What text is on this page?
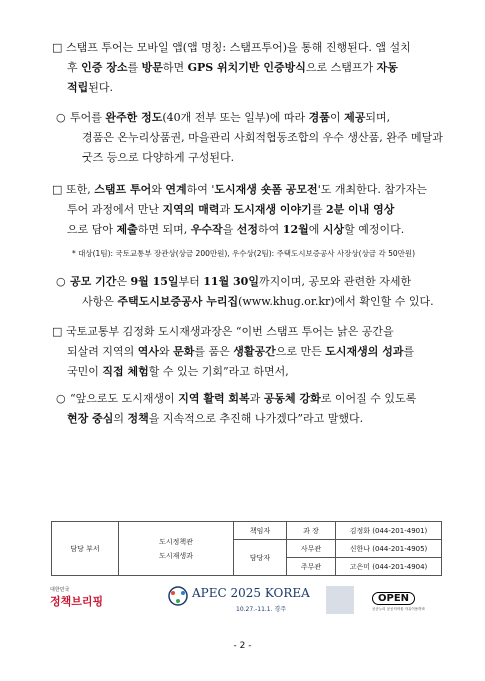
□ 스탬프 투어는 모바일 앱(앱 명칭: 스탬프투어)을 통해 진행된다. 앱 설치
후 인증 장소를 방문하면 GPS 위치기반 인증방식으로 스탬프가 자동
적립된다.
○ 투어를 완주한 정도(40개 전부 또는 일부)에 따라 경품이 제공되며,
경품은 온누리상품권, 마을관리 사회적협동조합의 우수 생산품, 완주 메달과
굿즈 등으로 다양하게 구성된다.
□ 또한, 스탬프 투어와 연계하여 '도시재생 숏폼 공모전'도 개최한다. 참가자는
투어 과정에서 만난 지역의 매력과 도시재생 이야기를 2분 이내 영상
으로 담아 제출하면 되며, 우수작을 선정하여 12월에 시상할 예정이다.
* 대상(1팀): 국토교통부 장관상(상금 200만원), 우수상(2팀): 주택도시보증공사 사장상(상금 각 50만원)
○ 공모 기간은 9월 15일부터 11월 30일까지이며, 공모와 관련한 자세한
사항은 주택도시보증공사 누리집(www.khug.or.kr)에서 확인할 수 있다.
□ 국토교통부 김정화 도시재생과장은 “이번 스탬프 투어는 낡은 공간을
되살려 지역의 역사와 문화를 품은 생활공간으로 만든 도시재생의 성과를
국민이 직접 체험할 수 있는 기회”라고 하면서,
○ “앞으로도 도시재생이 지역 활력 회복과 공동체 강화로 이어질 수 있도록
현장 중심의 정책을 지속적으로 추진해 나가겠다”라고 말했다.
담당 부서	도시정책관
도시재생과	책임자	과 장	김정화 (044-201-4901)
		담당자	사무관	신한나 (044-201-4905)
			주무관	고은미 (044-201-4904)
대한민국
정책브리핑
APEC 2025 KOREA
10.27.-11.1. 경주
OPEN
공공누리 공공저작물 자유이용허락
- 2 -
